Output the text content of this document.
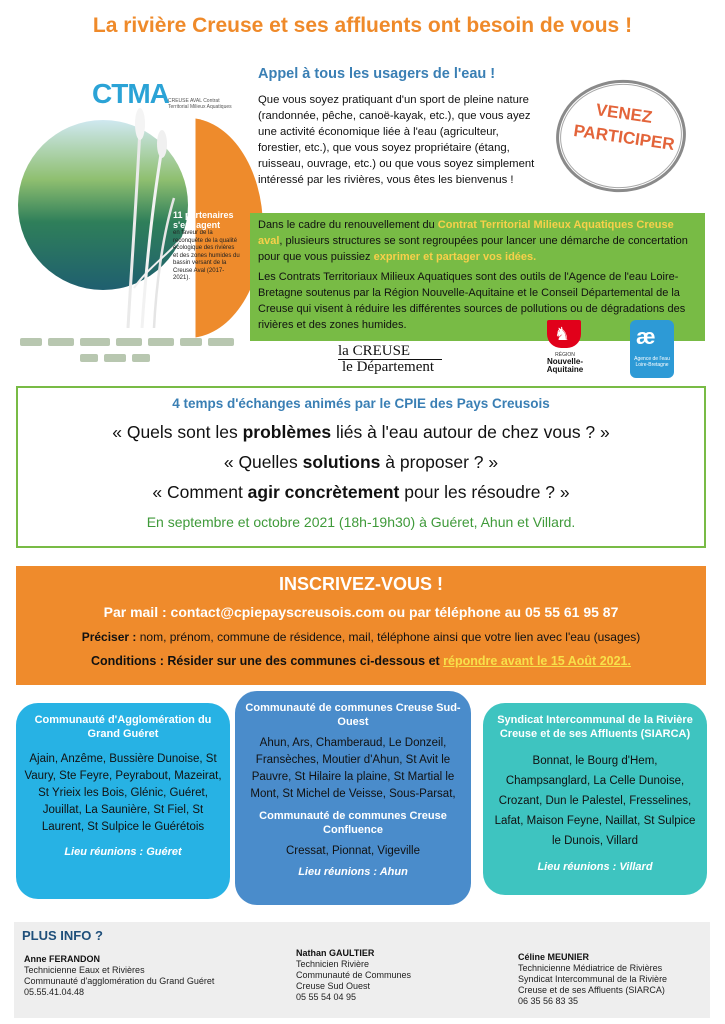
La rivière Creuse et ses affluents ont besoin de vous !
CTMA CREUSE AVAL Contrat Territorial Milieux Aquatiques
11 partenaires s'engagent
en faveur de la reconquête de la qualité écologique des rivières et des zones humides du bassin versant de la Creuse Aval (2017-2021).
Appel à tous les usagers de l'eau !
Que vous soyez pratiquant d'un sport de pleine nature (randonnée, pêche, canoë-kayak, etc.), que vous ayez une activité économique liée à l'eau (agriculteur, forestier, etc.), que vous soyez propriétaire (étang, ruisseau, ouvrage, etc.) ou que vous soyez simplement intéressé par les rivières, vous êtes les bienvenus !
VENEZ
PARTICIPER

Dans le cadre du renouvellement du Contrat Territorial Milieux Aquatiques Creuse aval, plusieurs structures se sont regroupées pour lancer une démarche de concertation pour que vous puissiez exprimer et partager vos idées.

Les Contrats Territoriaux Milieux Aquatiques sont des outils de l'Agence de l'eau Loire-Bretagne soutenus par la Région Nouvelle-Aquitaine et le Conseil Départemental de la Creuse qui visent à réduire les différentes sources de pollutions ou de dégradations des rivières et des zones humides.

la CREUSE
le Département
♞
RÉGION
Nouvelle-Aquitaine
æ
Agence de l'eau Loire-Bretagne
4 temps d'échanges animés par le CPIE des Pays Creusois
« Quels sont les problèmes liés à l'eau autour de chez vous ? »
« Quelles solutions à proposer ? »
« Comment agir concrètement pour les résoudre ? »
En septembre et octobre 2021 (18h-19h30) à Guéret, Ahun et Villard.
INSCRIVEZ-VOUS !
Par mail : contact@cpiepayscreusois.com ou par téléphone au 05 55 61 95 87
Préciser : nom, prénom, commune de résidence, mail, téléphone ainsi que votre lien avec l'eau (usages)
Conditions : Résider sur une des communes ci-dessous et répondre avant le 15 Août 2021.
Communauté d'Agglomération du Grand Guéret
Ajain, Anzême, Bussière Dunoise, St Vaury, Ste Feyre, Peyrabout, Mazeirat, St Yrieix les Bois, Glénic, Guéret, Jouillat, La Saunière, St Fiel, St Laurent, St Sulpice le Guérétois
Lieu réunions : Guéret
Communauté de communes Creuse Sud-Ouest
Ahun, Ars, Chamberaud, Le Donzeil, Fransèches, Moutier d'Ahun, St Avit le Pauvre, St Hilaire la plaine, St Martial le Mont, St Michel de Veisse, Sous-Parsat,
Communauté de communes Creuse Confluence
Cressat, Pionnat, Vigeville
Lieu réunions : Ahun
Syndicat Intercommunal de la Rivière Creuse et de ses Affluents (SIARCA)
Bonnat, le Bourg d'Hem, Champsanglard, La Celle Dunoise, Crozant, Dun le Palestel, Fresselines, Lafat, Maison Feyne, Naillat, St Sulpice le Dunois, Villard
Lieu réunions : Villard
PLUS INFO ?
Anne FERANDON
Technicienne Eaux et Rivières
Communauté d'agglomération du Grand Guéret
05.55.41.04.48
Nathan GAULTIER
Technicien Rivière
Communauté de Communes
Creuse Sud Ouest
05 55 54 04 95
Céline MEUNIER
Technicienne Médiatrice de Rivières
Syndicat Intercommunal de la Rivière
Creuse et de ses Affluents (SIARCA)
06 35 56 83 35
